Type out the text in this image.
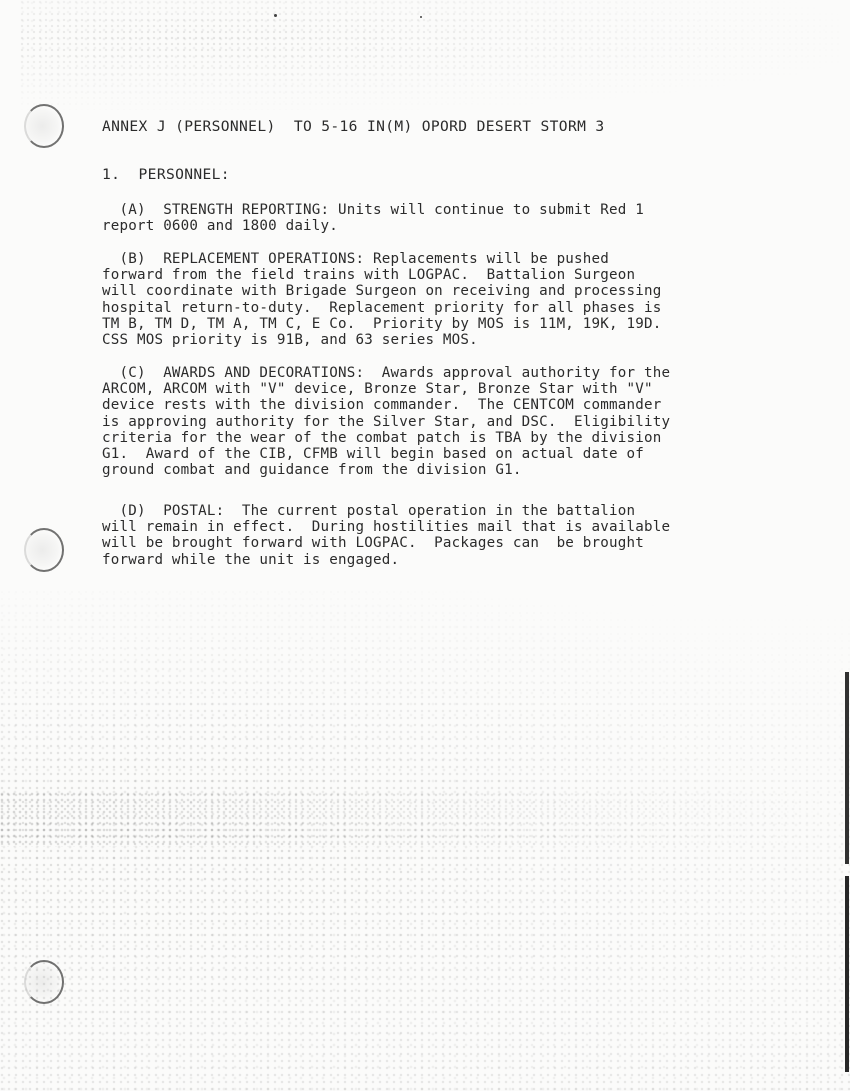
ANNEX J (PERSONNEL)  TO 5-16 IN(M) OPORD DESERT STORM 3
1.  PERSONNEL:
(A)  STRENGTH REPORTING: Units will continue to submit Red 1
report 0600 and 1800 daily.
(B)  REPLACEMENT OPERATIONS: Replacements will be pushed
forward from the field trains with LOGPAC.  Battalion Surgeon
will coordinate with Brigade Surgeon on receiving and processing
hospital return-to-duty.  Replacement priority for all phases is
TM B, TM D, TM A, TM C, E Co.  Priority by MOS is 11M, 19K, 19D.
CSS MOS priority is 91B, and 63 series MOS.
(C)  AWARDS AND DECORATIONS:  Awards approval authority for the
ARCOM, ARCOM with "V" device, Bronze Star, Bronze Star with "V"
device rests with the division commander.  The CENTCOM commander
is approving authority for the Silver Star, and DSC.  Eligibility
criteria for the wear of the combat patch is TBA by the division
G1.  Award of the CIB, CFMB will begin based on actual date of
ground combat and guidance from the division G1.
(D)  POSTAL:  The current postal operation in the battalion
will remain in effect.  During hostilities mail that is available
will be brought forward with LOGPAC.  Packages can  be brought
forward while the unit is engaged.
